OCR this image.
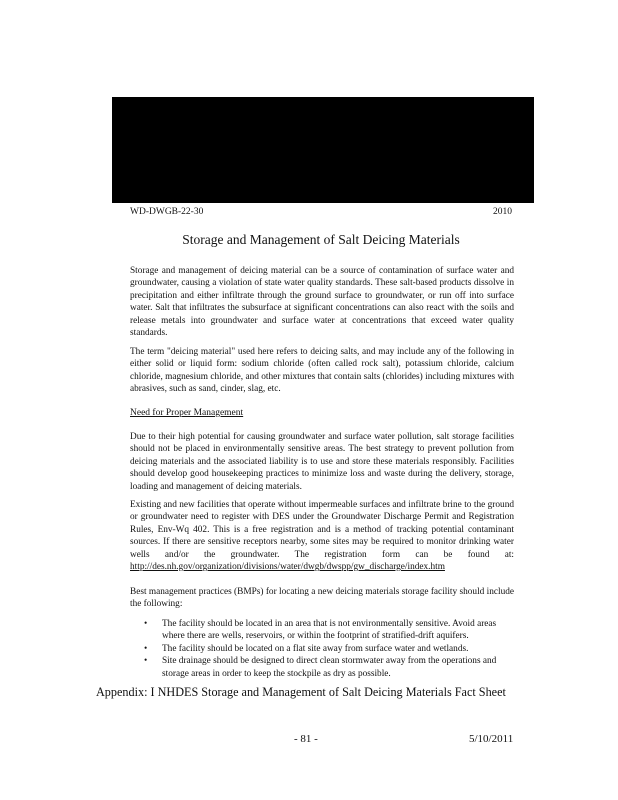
WD-DWGB-22-30	2010
Storage and Management of Salt Deicing Materials

Storage and management of deicing material can be a source of contamination of surface water and groundwater, causing a violation of state water quality standards. These salt-based products dissolve in precipitation and either infiltrate through the ground surface to groundwater, or run off into surface water. Salt that infiltrates the subsurface at significant concentrations can also react with the soils and release metals into groundwater and surface water at concentrations that exceed water quality standards.

The term "deicing material" used here refers to deicing salts, and may include any of the following in either solid or liquid form: sodium chloride (often called rock salt), potassium chloride, calcium chloride, magnesium chloride, and other mixtures that contain salts (chlorides) including mixtures with abrasives, such as sand, cinder, slag, etc.

Need for Proper Management

Due to their high potential for causing groundwater and surface water pollution, salt storage facilities should not be placed in environmentally sensitive areas. The best strategy to prevent pollution from deicing materials and the associated liability is to use and store these materials responsibly. Facilities should develop good housekeeping practices to minimize loss and waste during the delivery, storage, loading and management of deicing materials.

Existing and new facilities that operate without impermeable surfaces and infiltrate brine to the ground or groundwater need to register with DES under the Groundwater Discharge Permit and Registration Rules, Env-Wq 402. This is a free registration and is a method of tracking potential contaminant sources. If there are sensitive receptors nearby, some sites may be required to monitor drinking water wells and/or the groundwater. The registration form can be found at: http://des.nh.gov/organization/divisions/water/dwgb/dwspp/gw_discharge/index.htm

Best management practices (BMPs) for locating a new deicing materials storage facility should include the following:

• The facility should be located in an area that is not environmentally sensitive. Avoid areas where there are wells, reservoirs, or within the footprint of stratified-drift aquifers.
• The facility should be located on a flat site away from surface water and wetlands.
• Site drainage should be designed to direct clean stormwater away from the operations and storage areas in order to keep the stockpile as dry as possible.
Appendix: I NHDES Storage and Management of Salt Deicing Materials Fact Sheet
- 81 -	5/10/2011
